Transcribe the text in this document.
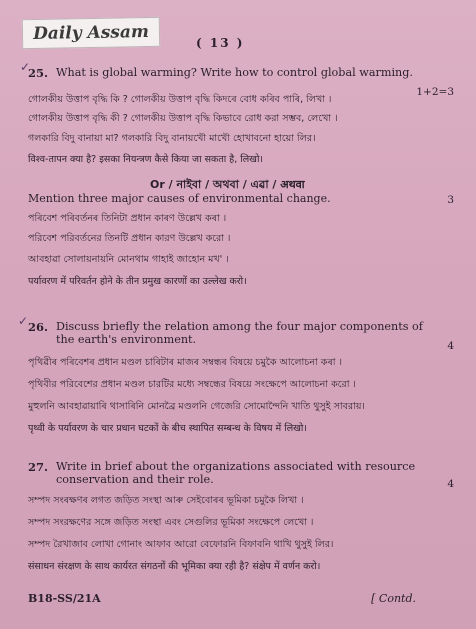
Daily Assam	( 13 )
✓
25. What is global warming? Write how to control global warming.
1+2=3
গোলকীয় উত্তাপ বৃদ্ধি কি ? গোলকীয় উত্তাপ বৃদ্ধি কিদৰে বোধ কৰিব পাৰি, লিখা ।
গোলকীয় উত্তাপ বৃদ্ধি কী ? গোলকীয় উত্তাপ বৃদ্ধি কিভাবে রোধ করা সম্ভব, লেখো ।
গলকারি বিদু বানায়া মা? গলকারি বিদু বানায়খৌ মাখৌ হোখাবনো হায়ো লির।
विश्व-तापन क्या है? इसका नियन्त्रण कैसे किया जा सकता है, लिखो।
Or / নাইবা / অথবা / এৱা / अथवा
Mention three major causes of environmental change.	3
পৰিবেশ পৰিবৰ্তনৰ তিনিটা প্ৰধান কাৰণ উল্লেখ কৰা ।
পরিবেশ পরিবর্তনের তিনটি প্রধান কারণ উল্লেখ করো ।
আবহাৱা সোলায়নায়নি মোনথাম গাহাই জাহোন মখ' ।
पर्यावरण में परिवर्तन होने के तीन प्रमुख कारणों का उल्लेख करो।
✓ 26. Discuss briefly the relation among the four major components of the earth's environment.	4
পৃথিৱীৰ পৰিবেশৰ প্ৰধান মণ্ডল চাৰিটাৰ মাজৰ সম্বন্ধৰ বিষয়ে চমুকৈ আলোচনা কৰা ।
পৃথিবীর পরিবেশের প্রধান মণ্ডল চারটির মধ্যে সম্বন্ধের বিষয়ে সংক্ষেপে আলোচনা করো ।
মুহুলনি আবহাৱায়াৰি থাসাৰিনি মোনব্রৈ মণ্ডলনি গেজেরি সোমোন্দৈনি খাতি থুসুই সাবরায়।
पृथ्वी के पर्यावरण के चार प्रधान घटकों के बीच स्थापित सम्बन्ध के विषय में लिखो।
27. Write in brief about the organizations associated with resource conservation and their role.	4
সম্পদ সংৰক্ষণৰ লগত জড়িত সংস্থা আৰু সেইবোৰৰ ভূমিকা চমুকৈ লিখা ।
সম্পদ সংরক্ষণের সঙ্গে জড়িত সংস্থা এবং সেগুলির ভূমিকা সংক্ষেপে লেখো ।
সম্পদ রৈখাজাব লোখা গোনাং আফাব আরো বেফোরনি বিফাবনি থাখি থুসুই লির।
संसाधन संरक्षण के साथ कार्यरत संगठनों की भूमिका क्या रही है? संक्षेप में वर्णन करो।
B18-SS/21A	[ Contd.
